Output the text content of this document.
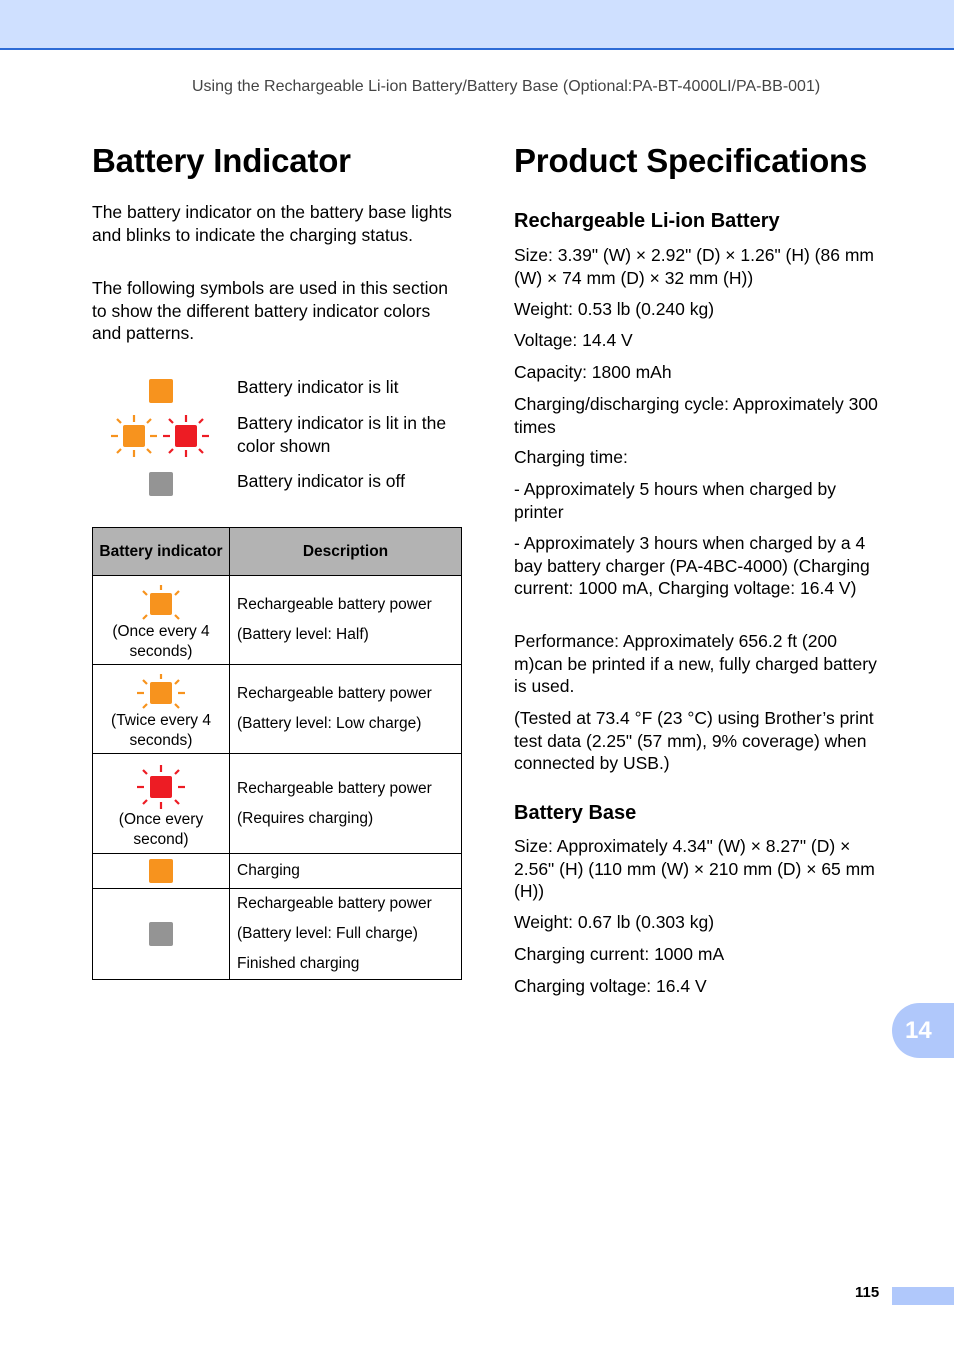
Using the Rechargeable Li-ion Battery/Battery Base (Optional:PA-BT-4000LI/PA-BB-001)
Battery Indicator

The battery indicator on the battery base lights and blinks to indicate the charging status.

The following symbols are used in this section to show the different battery indicator colors and patterns.

Battery indicator is lit
Battery indicator is lit in the color shown
Battery indicator is off
Battery indicator	Description

(Once every 4 seconds)	Rechargeable battery power
(Battery level: Half)

(Twice every 4 seconds)	Rechargeable battery power
(Battery level: Low charge)

(Once every second)	Rechargeable battery power
(Requires charging)

	Charging

	Rechargeable battery power
(Battery level: Full charge)
Finished charging
Product Specifications
Rechargeable Li-ion Battery

Size: 3.39" (W) × 2.92" (D) × 1.26" (H) (86 mm (W) × 74 mm (D) × 32 mm (H))

Weight: 0.53 lb (0.240 kg)

Voltage: 14.4 V

Capacity: 1800 mAh

Charging/discharging cycle: Approximately 300 times

Charging time:

- Approximately 5 hours when charged by printer

- Approximately 3 hours when charged by a 4 bay battery charger (PA-4BC-4000) (Charging current: 1000 mA, Charging voltage: 16.4 V)

Performance: Approximately 656.2 ft (200 m)can be printed if a new, fully charged battery is used.

(Tested at 73.4 °F (23 °C) using Brother’s print test data (2.25" (57 mm), 9% coverage) when connected by USB.)

Battery Base

Size: Approximately 4.34" (W) × 8.27" (D) × 2.56" (H) (110 mm (W) × 210 mm (D) × 65 mm (H))

Weight: 0.67 lb (0.303 kg)

Charging current: 1000 mA

Charging voltage: 16.4 V

14
115
